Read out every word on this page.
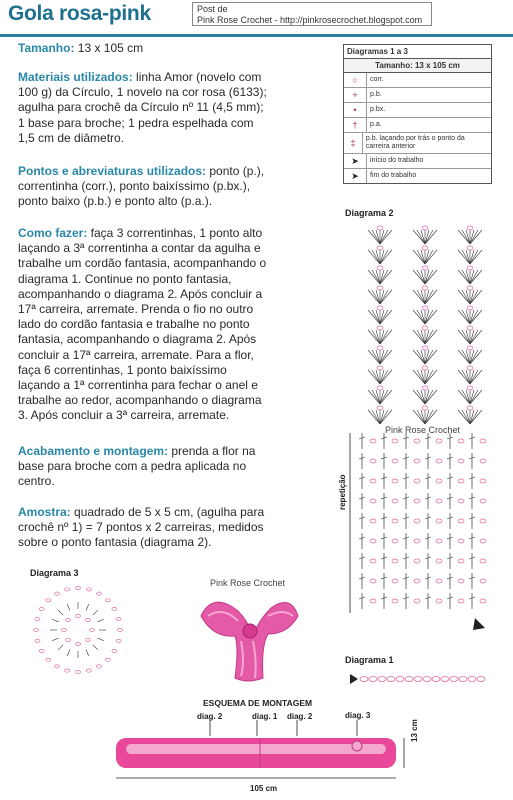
Gola rosa-pink	Post de
Pink Rose Crochet - http://pinkrosecrochet.blogspot.com

Tamanho: 13 x 105 cm

Materiais utilizados: linha Amor (novelo com 100 g) da Círculo, 1 novelo na cor rosa (6133); agulha para crochê da Círculo nº 11 (4,5 mm); 1 base para broche; 1 pedra espelhada com 1,5 cm de diâmetro.

Pontos e abreviaturas utilizados: ponto (p.), correntinha (corr.), ponto baixíssimo (p.bx.), ponto baixo (p.b.) e ponto alto (p.a.).

Como fazer: faça 3 correntinhas, 1 ponto alto laçando a 3ª correntinha a contar da agulha e trabalhe um cordão fantasia, acompanhando o diagrama 1. Continue no ponto fantasia, acompanhando o diagrama 2. Após concluir a 17ª carreira, arremate. Prenda o fio no outro lado do cordão fantasia e trabalhe no ponto fantasia, acompanhando o diagrama 2. Após concluir a 17ª carreira, arremate. Para a flor, faça 6 correntinhas, 1 ponto baixíssimo laçando a 1ª correntinha para fechar o anel e trabalhe ao redor, acompanhando o diagrama 3. Após concluir a 3ª carreira, arremate.

Acabamento e montagem: prenda a flor na base para broche com a pedra aplicada no centro.

Amostra: quadrado de 5 x 5 cm, (agulha para crochê nº 1) = 7 pontos x 2 carreiras, medidos sobre o ponto fantasia (diagrama 2).

Diagramas 1 a 3
Tamanho: 13 x 105 cm
○	corr.
+	p.b.
•	p.bx.
†	p.a.
‡	p.b. laçando por trás o ponto da carreira anterior
➤	início do trabalho
➤	fim do trabalho
Diagrama 2
repetição
Pink Rose Crochet
Diagrama 1
Diagrama 3
Pink Rose Crochet
ESQUEMA DE MONTAGEM
diag. 2	diag. 1 diag. 2	diag. 3
105 cm
13 cm
